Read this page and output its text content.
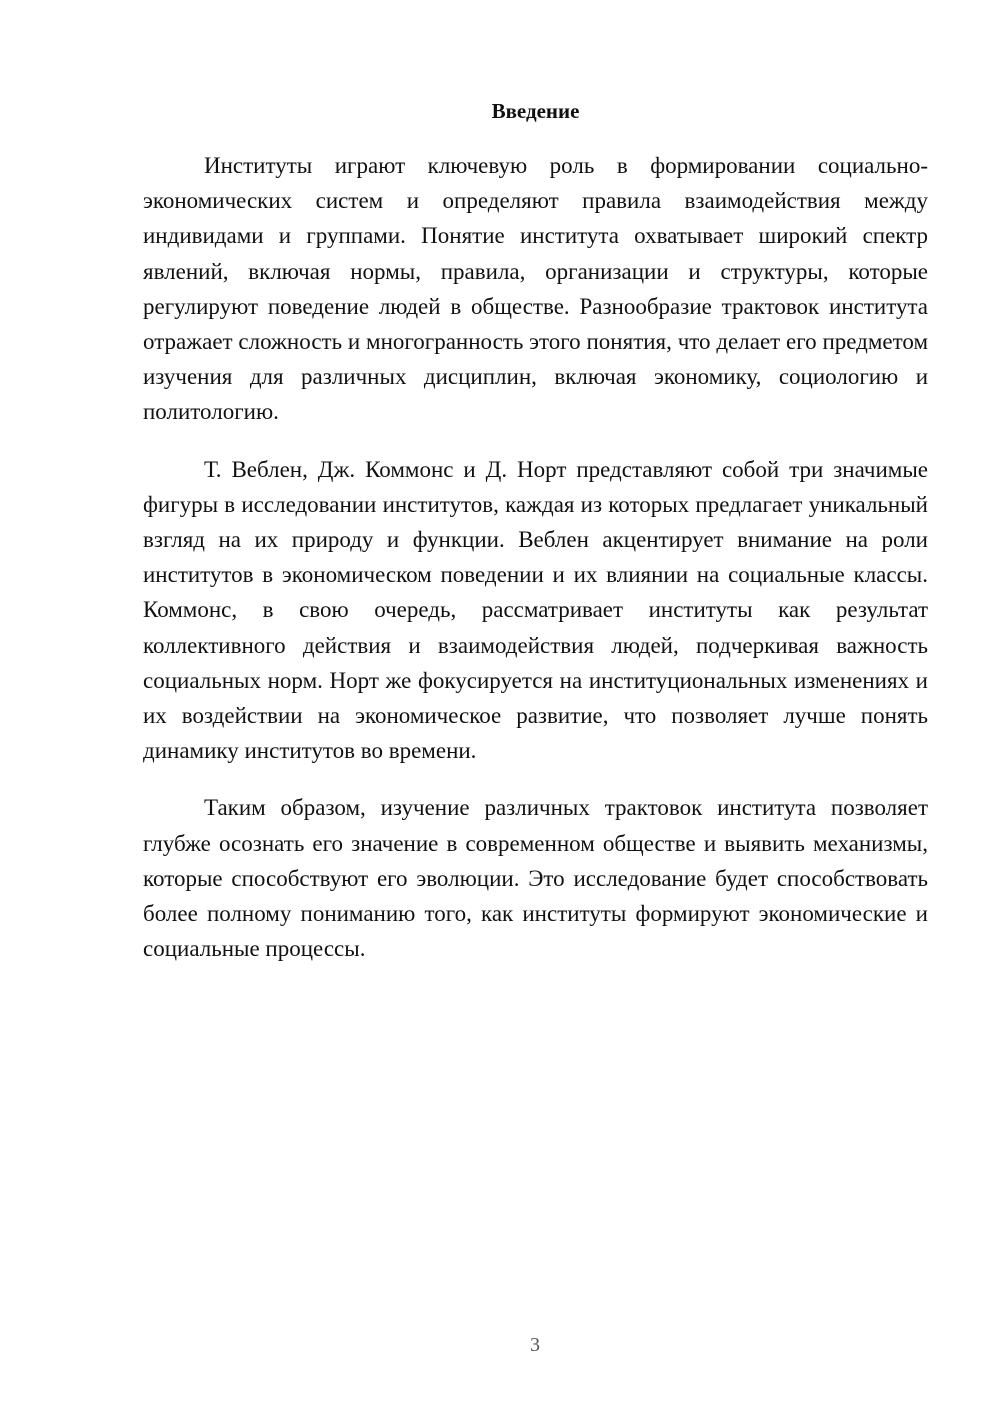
Введение

Институты играют ключевую роль в формировании социально-экономических систем и определяют правила взаимодействия между индивидами и группами. Понятие института охватывает широкий спектр явлений, включая нормы, правила, организации и структуры, которые регулируют поведение людей в обществе. Разнообразие трактовок института отражает сложность и многогранность этого понятия, что делает его предметом изучения для различных дисциплин, включая экономику, социологию и политологию.

Т. Веблен, Дж. Коммонс и Д. Норт представляют собой три значимые фигуры в исследовании институтов, каждая из которых предлагает уникальный взгляд на их природу и функции. Веблен акцентирует внимание на роли институтов в экономическом поведении и их влиянии на социальные классы. Коммонс, в свою очередь, рассматривает институты как результат коллективного действия и взаимодействия людей, подчеркивая важность социальных норм. Норт же фокусируется на институциональных изменениях и их воздействии на экономическое развитие, что позволяет лучше понять динамику институтов во времени.

Таким образом, изучение различных трактовок института позволяет глубже осознать его значение в современном обществе и выявить механизмы, которые способствуют его эволюции. Это исследование будет способствовать более полному пониманию того, как институты формируют экономические и социальные процессы.

3
